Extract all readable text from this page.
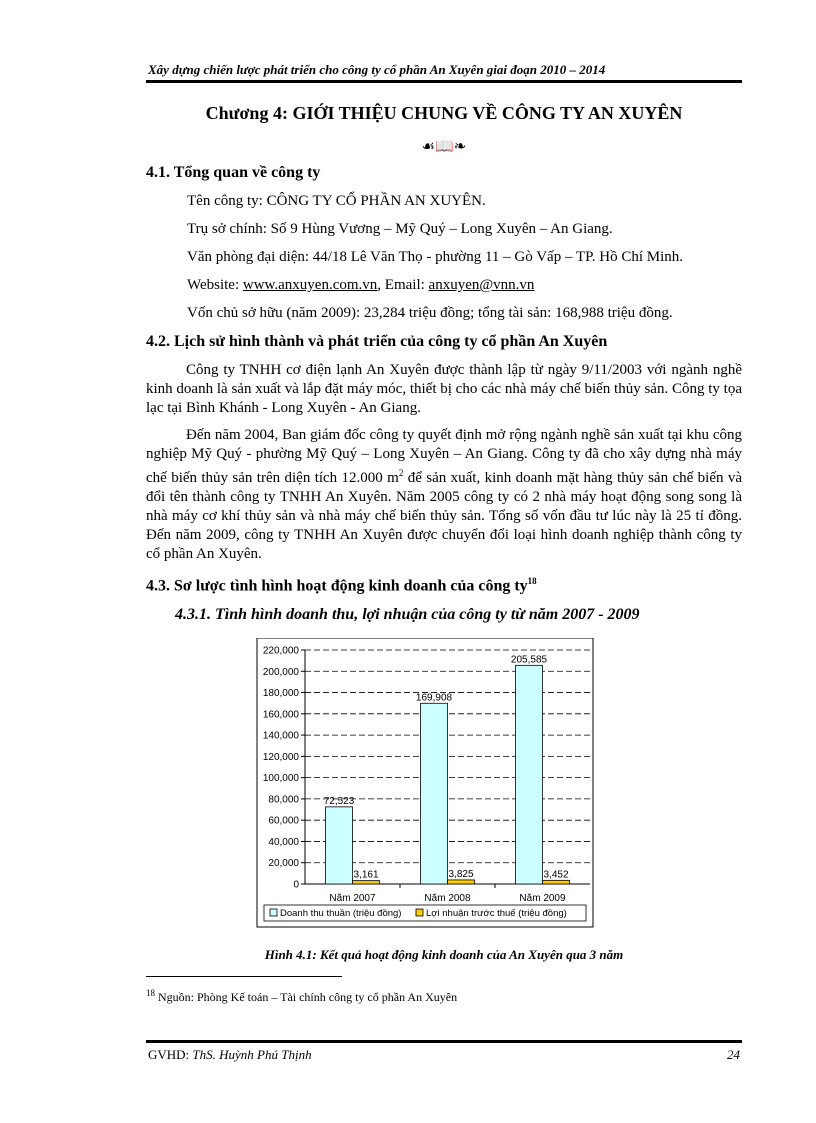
Xây dựng chiến lược phát triển cho công ty cổ phần An Xuyên giai đoạn 2010 – 2014
Chương 4: GIỚI THIỆU CHUNG VỀ CÔNG TY AN XUYÊN
☙📖❧
4.1. Tổng quan về công ty
Tên công ty: CÔNG TY CỔ PHẦN AN XUYÊN.
Trụ sở chính: Số 9 Hùng Vương – Mỹ Quý – Long Xuyên – An Giang.
Văn phòng đại diện: 44/18 Lê Văn Thọ - phường 11 – Gò Vấp – TP. Hồ Chí Minh.
Website: www.anxuyen.com.vn, Email: anxuyen@vnn.vn
Vốn chủ sở hữu (năm 2009): 23,284 triệu đồng; tổng tài sản: 168,988 triệu đồng.
4.2. Lịch sử hình thành và phát triển của công ty cổ phần An Xuyên

Công ty TNHH cơ điện lạnh An Xuyên được thành lập từ ngày 9/11/2003 với ngành nghề kinh doanh là sản xuất và lắp đặt máy móc, thiết bị cho các nhà máy chế biến thủy sản. Công ty tọa lạc tại Bình Khánh - Long Xuyên - An Giang.

Đến năm 2004, Ban giám đốc công ty quyết định mở rộng ngành nghề sản xuất tại khu công nghiệp Mỹ Quý - phường Mỹ Quý – Long Xuyên – An Giang. Công ty đã cho xây dựng nhà máy chế biến thủy sản trên diện tích 12.000 $m^2$ để sản xuất, kinh doanh mặt hàng thủy sản chế biến và đổi tên thành công ty TNHH An Xuyên. Năm 2005 công ty có 2 nhà máy hoạt động song song là nhà máy cơ khí thủy sản và nhà máy chế biến thủy sản. Tổng số vốn đầu tư lúc này là 25 tỉ đồng. Đến năm 2009, công ty TNHH An Xuyên được chuyển đổi loại hình doanh nghiệp thành công ty cổ phần An Xuyên.

4.3. Sơ lược tình hình hoạt động kinh doanh của công $ty^{18}$
4.3.1. Tình hình doanh thu, lợi nhuận của công ty từ năm 2007 - 2009
0
20,000
40,000
60,000
80,000
100,000
120,000
140,000
160,000
180,000
200,000
220,000
72,523
3,161
Năm 2007
169,908
3,825
Năm 2008
205,585
3,452
Năm 2009
Doanh thu thuần (triệu đồng)	Lợi nhuận trước thuế (triệu đồng)
Hình 4.1: Kết quả hoạt động kinh doanh của An Xuyên qua 3 năm
$^{18}$ Nguồn: Phòng Kế toán – Tài chính công ty cổ phần An Xuyên
GVHD: ThS. Huỳnh Phú Thịnh	24
